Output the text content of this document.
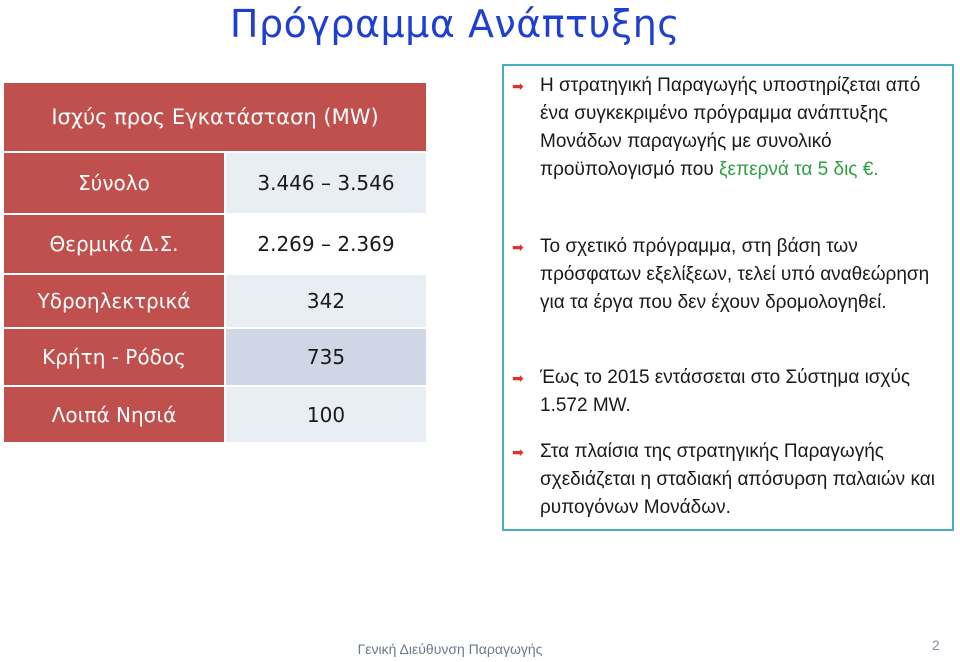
Πρόγραμμα Ανάπτυξης
Ισχύς προς Εγκατάσταση (MW)
Σύνολο	3.446 – 3.546
Θερμικά Δ.Σ.	2.269 – 2.369
Υδροηλεκτρικά	342
Κρήτη - Ρόδος	735
Λοιπά Νησιά	100
➡ Η στρατηγική Παραγωγής υποστηρίζεται από ένα συγκεκριμένο πρόγραμμα ανάπτυξης Μονάδων παραγωγής με συνολικό προϋπολογισμό που ξεπερνά τα 5 δις €.
➡ Το σχετικό πρόγραμμα, στη βάση των πρόσφατων εξελίξεων, τελεί υπό αναθεώρηση για τα έργα που δεν έχουν δρομολογηθεί.
➡ Έως το 2015 εντάσσεται στο Σύστημα ισχύς 1.572 MW.
➡ Στα πλαίσια της στρατηγικής Παραγωγής σχεδιάζεται η σταδιακή απόσυρση παλαιών και ρυπογόνων Μονάδων.
Γενική Διεύθυνση Παραγωγής	2
